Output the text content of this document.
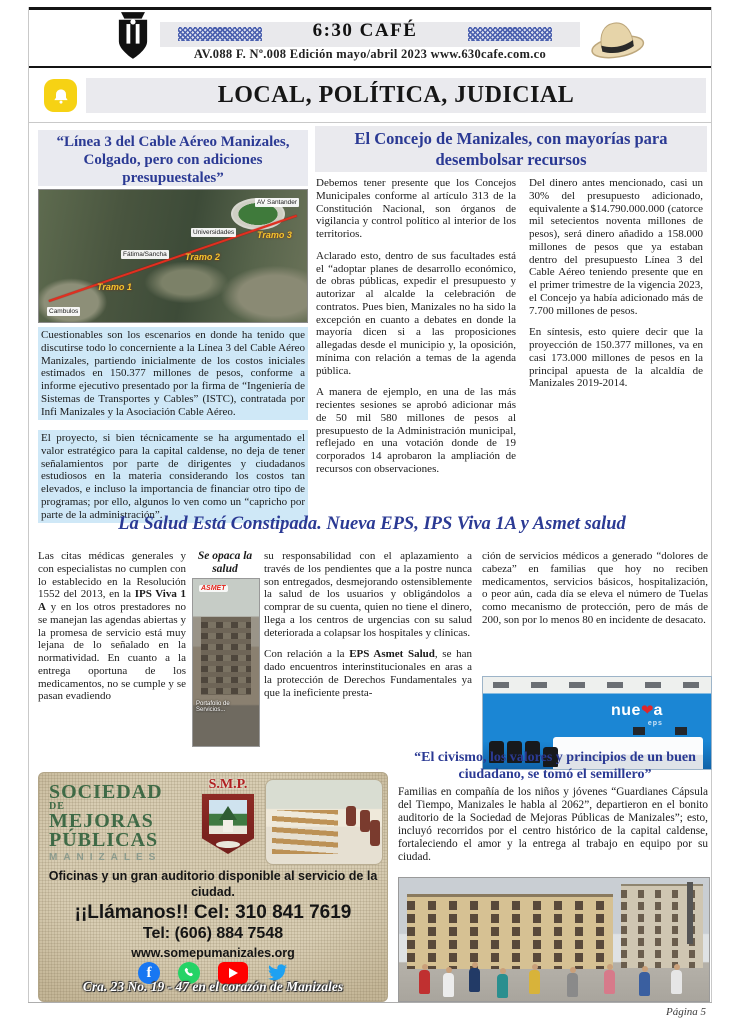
6:30 CAFÉ
AV.088 F. Nº.008 Edición mayo/abril 2023 www.630cafe.com.co
LOCAL, POLÍTICA, JUDICIAL
“Línea 3 del Cable Aéreo Manizales, Colgado, pero con adiciones presupuestales”
Cambulos
Fátima/Sancha
Universidades
AV Santander
Tramo 1
Tramo 2
Tramo 3
Cuestionables son los escenarios en donde ha tenido que discutirse todo lo concerniente a la Línea 3 del Cable Aéreo Manizales, partiendo inicialmente de los costos iniciales estimados en 150.377 millones de pesos, conforme a informe ejecutivo presentado por la firma de “Ingeniería de Sistemas de Transportes y Cables” (ISTC), contratada por Infi Manizales y la Asociación Cable Aéreo.
El proyecto, si bien técnicamente se ha argumentado el valor estratégico para la capital caldense, no deja de tener señalamientos por parte de dirigentes y ciudadanos estudiosos en la materia considerando los costos tan elevados, e incluso la importancia de financiar otro tipo de programas; por ello, algunos lo ven como un “capricho por parte de la administración”.
El Concejo de Manizales, con mayorías para desembolsar recursos

Debemos tener presente que los Concejos Municipales conforme al artículo 313 de la Constitución Nacional, son órganos de vigilancia y control político al interior de los territorios.

Aclarado esto, dentro de sus facultades está el “adoptar planes de desarrollo económico, de obras públicas, expedir el presupuesto y autorizar al alcalde la celebración de contratos. Pues bien, Manizales no ha sido la excepción en cuanto a debates en donde la mayoría dicen si a las proposiciones allegadas desde el municipio y, la oposición, mínima con relación a temas de la agenda pública.

A manera de ejemplo, en una de las más recientes sesiones se aprobó adicionar más de 50 mil 580 millones de pesos al presupuesto de la Administración municipal, reflejado en una votación donde de 19 corporados 14 aprobaron la ampliación de recursos con observaciones.

Del dinero antes mencionado, casi un 30% del presupuesto adicionado, equivalente a $14.790.000.000 (catorce mil setecientos noventa millones de pesos), será dinero añadido a 158.000 millones de pesos que ya estaban dentro del presupuesto Línea 3 del Cable Aéreo teniendo presente que en el primer trimestre de la vigencia 2023, el Concejo ya había adicionado más de 7.700 millones de pesos.

En síntesis, esto quiere decir que la proyección de 150.377 millones, va en casi 173.000 millones de pesos en la principal apuesta de la alcaldía de Manizales 2019-2014.

La Salud Está Constipada. Nueva EPS, IPS Viva 1A y Asmet salud
Las citas médicas generales y con especialistas no cumplen con lo establecido en la Resolución 1552 del 2013, en la IPS Viva 1 A y en los otros prestadores no se manejan las agendas abiertas y la promesa de servicio está muy lejana de lo señalado en la normatividad. En cuanto a la entrega oportuna de los medicamentos, no se cumple y se pasan evadiendo
Se opaca la salud
ASMET
Portafolio de Servicios...

su responsabilidad con el aplazamiento a través de los pendientes que a la postre nunca son entregados, desmejorando ostensiblemente la salud de los usuarios y obligándolos a comprar de su cuenta, quien no tiene el dinero, llega a los centros de urgencias con su salud deteriorada a colapsar los hospitales y clínicas.

Con relación a la EPS Asmet Salud, se han dado encuentros interinstitucionales en aras a la protección de Derechos Fundamentales ya que la ineficiente presta-

ción de servicios médicos a generado “dolores de cabeza” en familias que hoy no reciben medicamentos, servicios básicos, hospitalización, o peor aún, cada día se eleva el número de Tuelas como mecanismo de protección, pero de más de 200, son por lo menos 80 en incidente de desacato.
nue❤a
eps
SOCIEDAD
DE
MEJORAS
PÚBLICAS
MANIZALES
S.M.P.
Oficinas y un gran auditorio disponible al servicio de la ciudad.
¡¡Llámanos!! Cel: 310 841 7619
Tel: (606) 884 7548
www.somepumanizales.org
f

Cra. 23 No. 19 - 47 en el corazón de Manizales
“El civismo, los valores y principios de un buen ciudadano, se tomó el semillero”
Familias en compañía de los niños y jóvenes “Guardianes Cápsula del Tiempo, Manizales le habla al 2062”, departieron en el bonito auditorio de la Sociedad de Mejoras Públicas de Manizales”; esto, incluyó recorridos por el centro histórico de la capital caldense, fortaleciendo el amor y la entrega al trabajo en equipo por su ciudad.
Página 5
